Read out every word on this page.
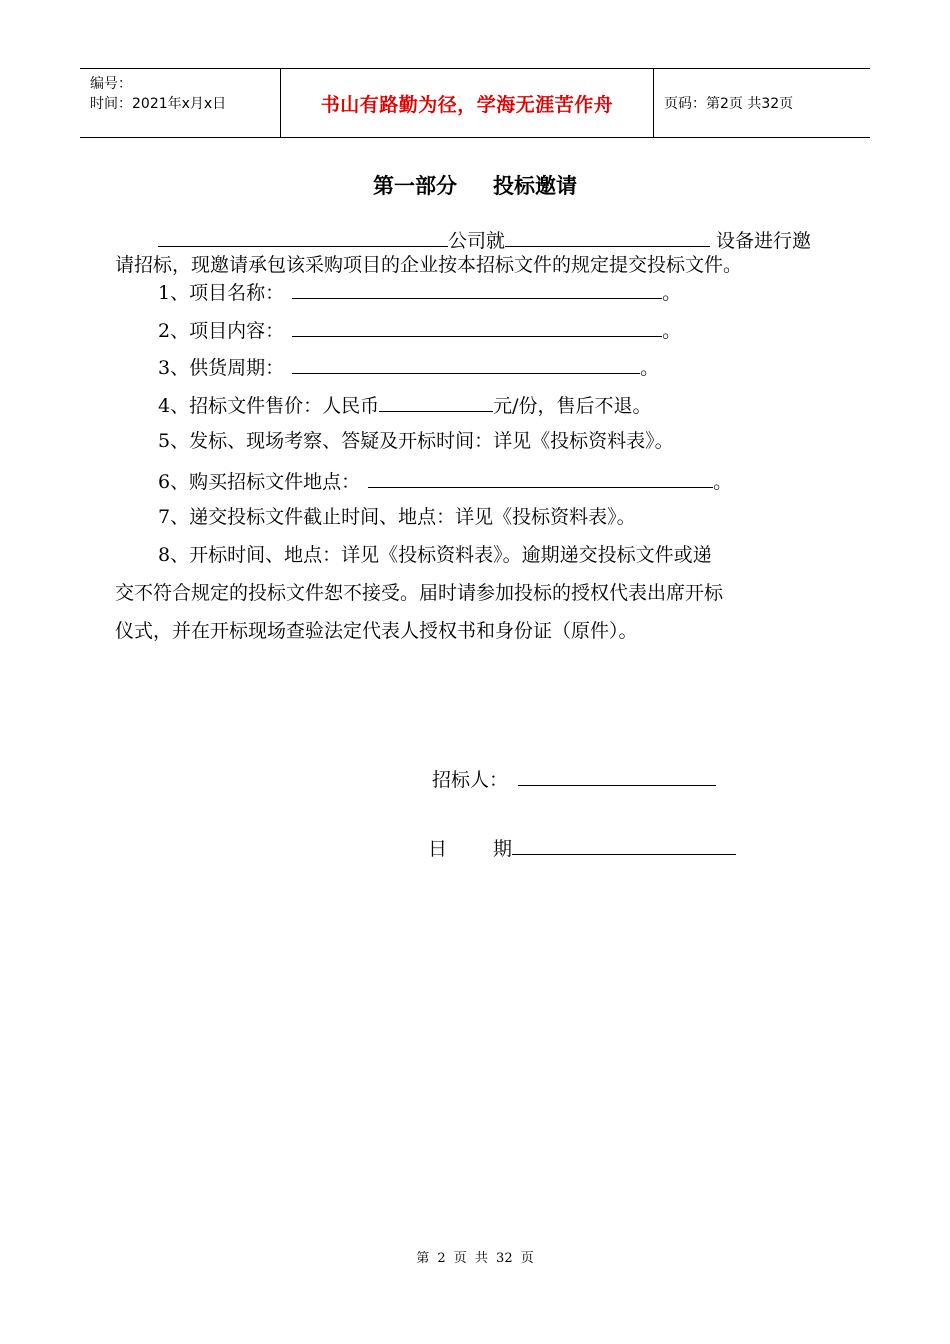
编号：
时间：2021年x月x日	书山有路勤为径，学海无涯苦作舟	页码：第2页 共32页
第一部分 投标邀请
公司就	设备进行邀
请招标，现邀请承包该采购项目的企业按本招标文件的规定提交投标文件。
1、项目名称：	。
2、项目内容：	。
3、供货周期：	。
4、招标文件售价：人民币	元/份，售后不退。
5、发标、现场考察、答疑及开标时间：详见《投标资料表》。
6、购买招标文件地点：	。
7、递交投标文件截止时间、地点：详见《投标资料表》。
8、开标时间、地点：详见《投标资料表》。逾期递交投标文件或递
交不符合规定的投标文件恕不接受。届时请参加投标的授权代表出席开标
仪式，并在开标现场查验法定代表人授权书和身份证（原件）。
招标人：
日 期
第 2 页 共 32 页
